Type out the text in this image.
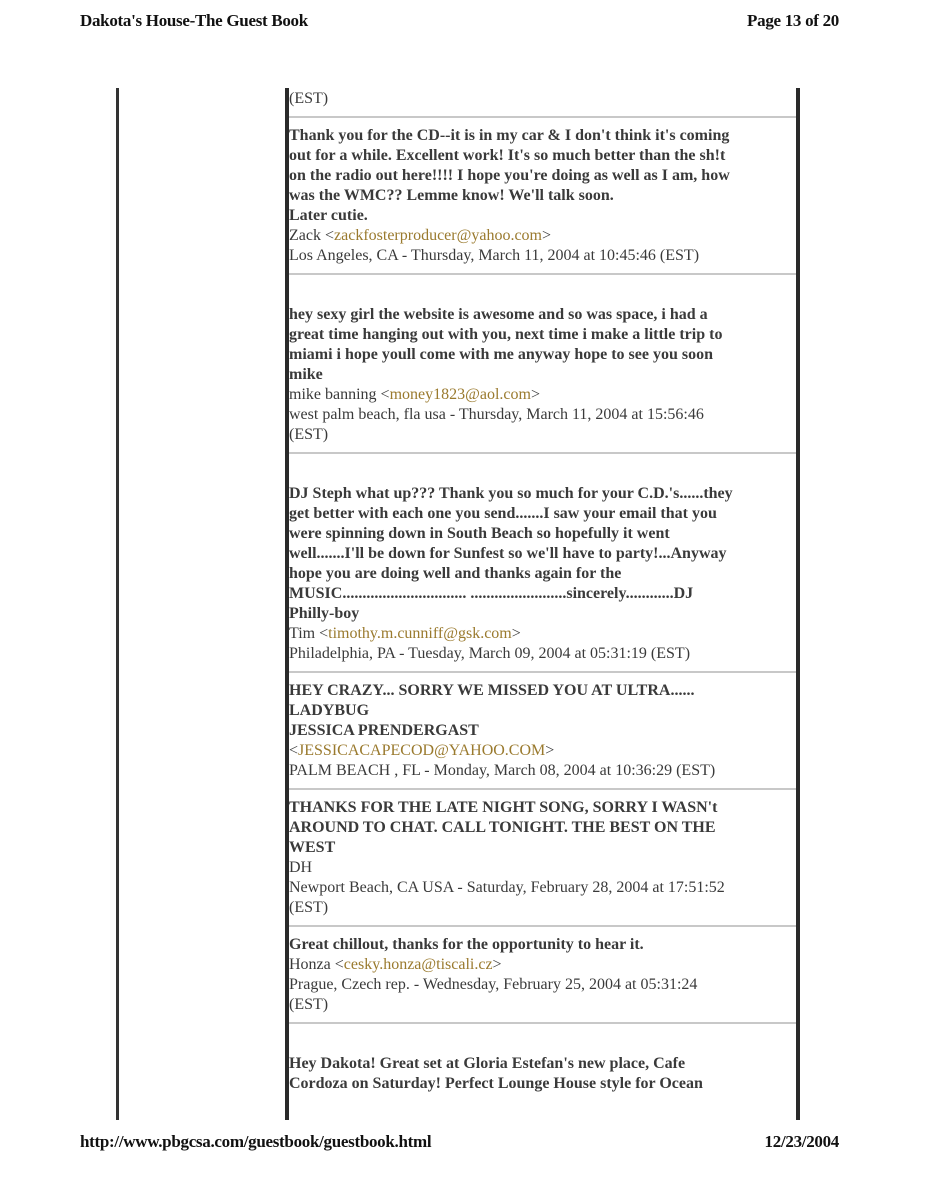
Dakota's House-The Guest Book	Page 13 of 20

(EST)

Thank you for the CD--it is in my car & I don't think it's coming

out for a while. Excellent work! It's so much better than the sh!t

on the radio out here!!!! I hope you're doing as well as I am, how

was the WMC?? Lemme know! We'll talk soon.

Later cutie.

Zack <zackfosterproducer@yahoo.com>

Los Angeles, CA - Thursday, March 11, 2004 at 10:45:46 (EST)

hey sexy girl the website is awesome and so was space, i had a

great time hanging out with you, next time i make a little trip to

miami i hope youll come with me anyway hope to see you soon

mike

mike banning <money1823@aol.com>

west palm beach, fla usa - Thursday, March 11, 2004 at 15:56:46

(EST)

DJ Steph what up??? Thank you so much for your C.D.'s......they

get better with each one you send.......I saw your email that you

were spinning down in South Beach so hopefully it went

well.......I'll be down for Sunfest so we'll have to party!...Anyway

hope you are doing well and thanks again for the

MUSIC............................... ........................sincerely............DJ

Philly-boy

Tim <timothy.m.cunniff@gsk.com>

Philadelphia, PA - Tuesday, March 09, 2004 at 05:31:19 (EST)

HEY CRAZY... SORRY WE MISSED YOU AT ULTRA......

LADYBUG

JESSICA PRENDERGAST

<JESSICACAPECOD@YAHOO.COM>

PALM BEACH , FL - Monday, March 08, 2004 at 10:36:29 (EST)

THANKS FOR THE LATE NIGHT SONG, SORRY I WASN't

AROUND TO CHAT. CALL TONIGHT. THE BEST ON THE

WEST

DH

Newport Beach, CA USA - Saturday, February 28, 2004 at 17:51:52

(EST)

Great chillout, thanks for the opportunity to hear it.

Honza <cesky.honza@tiscali.cz>

Prague, Czech rep. - Wednesday, February 25, 2004 at 05:31:24

(EST)

Hey Dakota! Great set at Gloria Estefan's new place, Cafe

Cordoza on Saturday! Perfect Lounge House style for Ocean

http://www.pbgcsa.com/guestbook/guestbook.html	12/23/2004
